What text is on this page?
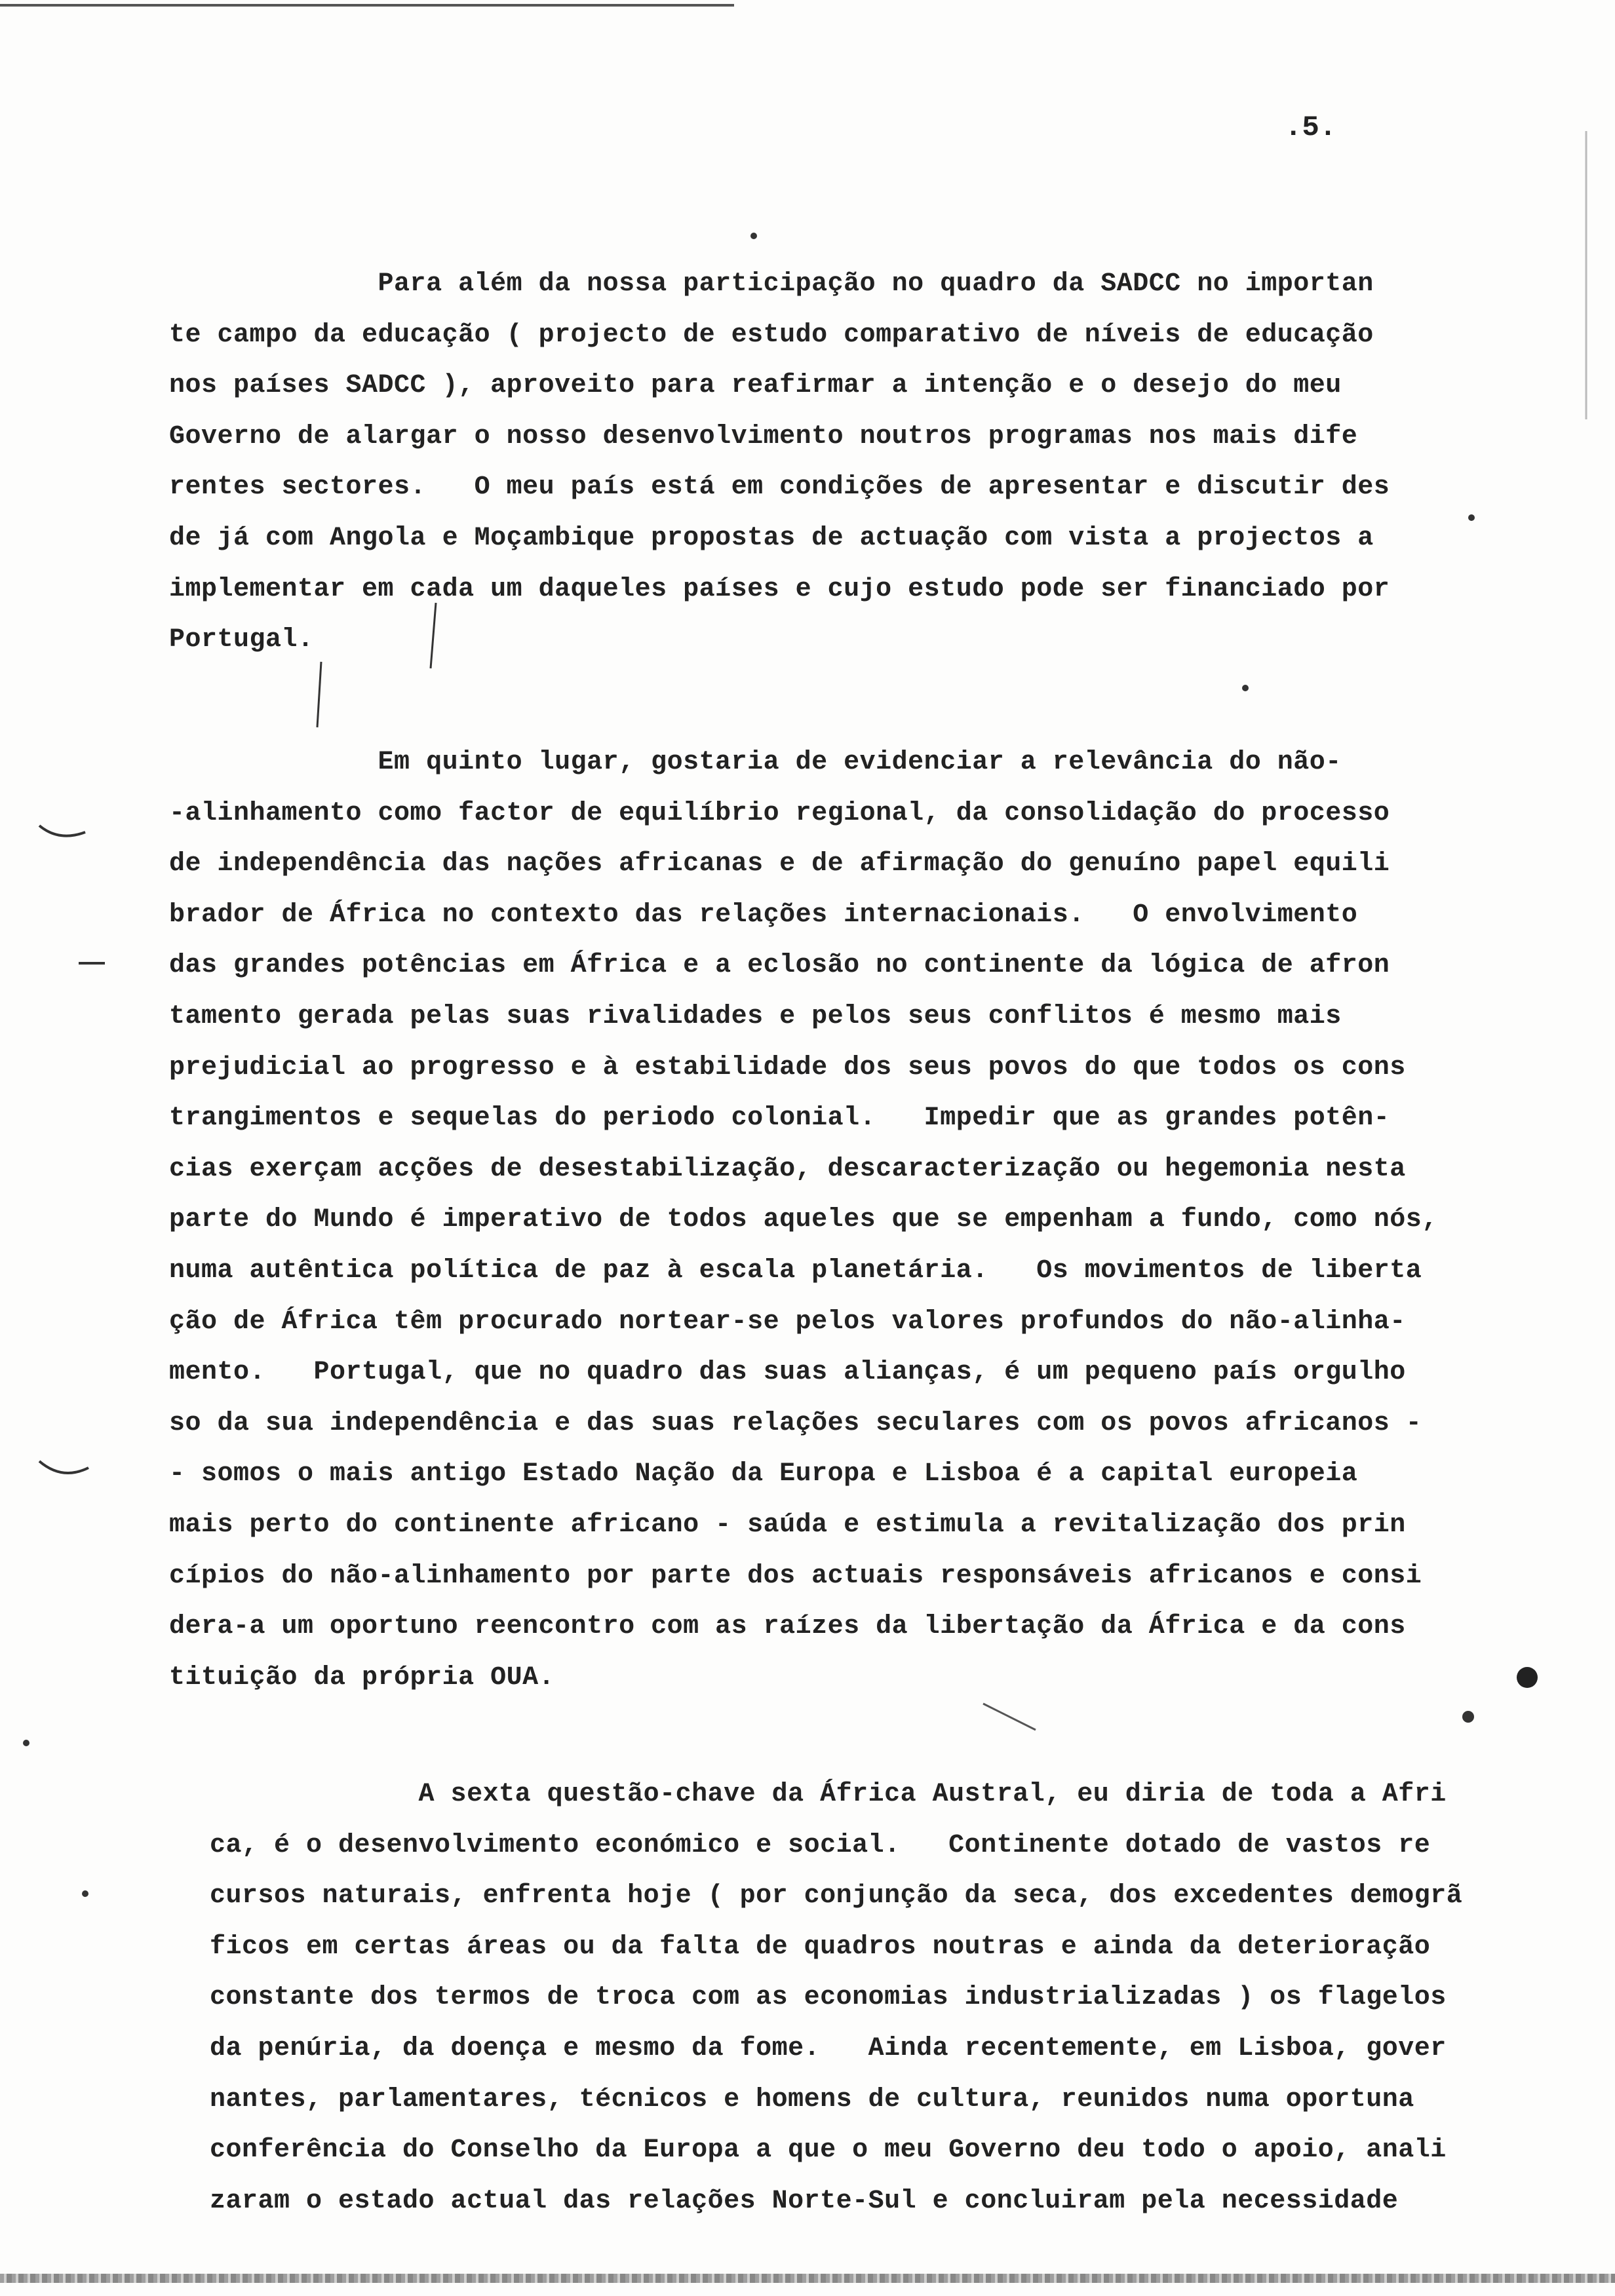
.5.
Para além da nossa participação no quadro da SADCC no importan
te campo da educação ( projecto de estudo comparativo de níveis de educação
nos países SADCC ), aproveito para reafirmar a intenção e o desejo do meu
Governo de alargar o nosso desenvolvimento noutros programas nos mais dife
rentes sectores.   O meu país está em condições de apresentar e discutir des
de já com Angola e Moçambique propostas de actuação com vista a projectos a
implementar em cada um daqueles países e cujo estudo pode ser financiado por
Portugal.
Em quinto lugar, gostaria de evidenciar a relevância do não-
-alinhamento como factor de equilíbrio regional, da consolidação do processo
de independência das nações africanas e de afirmação do genuíno papel equili
brador de África no contexto das relações internacionais.   O envolvimento
das grandes potências em África e a eclosão no continente da lógica de afron
tamento gerada pelas suas rivalidades e pelos seus conflitos é mesmo mais
prejudicial ao progresso e à estabilidade dos seus povos do que todos os cons
trangimentos e sequelas do periodo colonial.   Impedir que as grandes potên-
cias exerçam acções de desestabilização, descaracterização ou hegemonia nesta
parte do Mundo é imperativo de todos aqueles que se empenham a fundo, como nós,
numa autêntica política de paz à escala planetária.   Os movimentos de liberta
ção de África têm procurado nortear-se pelos valores profundos do não-alinha-
mento.   Portugal, que no quadro das suas alianças, é um pequeno país orgulho
so da sua independência e das suas relações seculares com os povos africanos -
- somos o mais antigo Estado Nação da Europa e Lisboa é a capital europeia
mais perto do continente africano - saúda e estimula a revitalização dos prin
cípios do não-alinhamento por parte dos actuais responsáveis africanos e consi
dera-a um oportuno reencontro com as raízes da libertação da África e da cons
tituição da própria OUA.
A sexta questão-chave da África Austral, eu diria de toda a Afri
ca, é o desenvolvimento económico e social.   Continente dotado de vastos re
cursos naturais, enfrenta hoje ( por conjunção da seca, dos excedentes demogrã
ficos em certas áreas ou da falta de quadros noutras e ainda da deterioração
constante dos termos de troca com as economias industrializadas ) os flagelos
da penúria, da doença e mesmo da fome.   Ainda recentemente, em Lisboa, gover
nantes, parlamentares, técnicos e homens de cultura, reunidos numa oportuna
conferência do Conselho da Europa a que o meu Governo deu todo o apoio, anali
zaram o estado actual das relações Norte-Sul e concluiram pela necessidade
